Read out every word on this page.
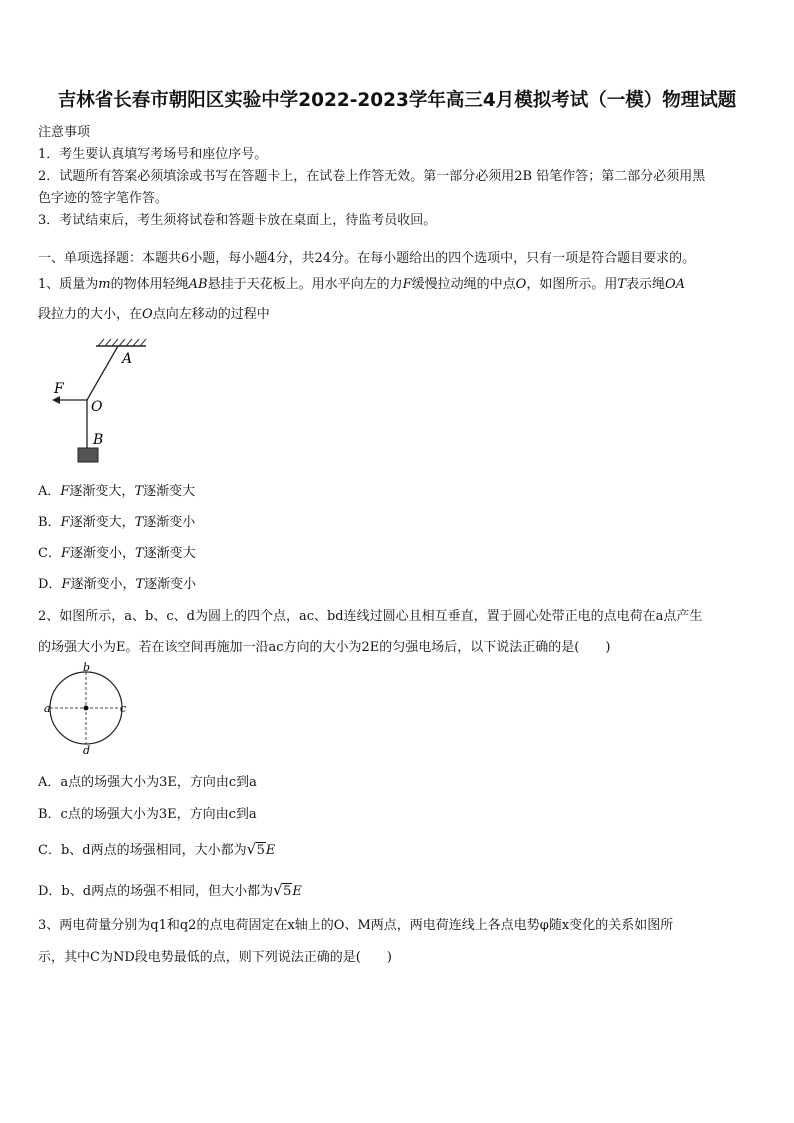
吉林省长春市朝阳区实验中学2022-2023学年高三4月模拟考试（一模）物理试题
注意事项
1．考生要认真填写考场号和座位序号。
2．试题所有答案必须填涂或书写在答题卡上，在试卷上作答无效。第一部分必须用2B 铅笔作答；第二部分必须用黑
色字迹的签字笔作答。
3．考试结束后，考生须将试卷和答题卡放在桌面上，待监考员收回。
一、单项选择题：本题共6小题，每小题4分，共24分。在每小题给出的四个选项中，只有一项是符合题目要求的。
1、质量为m的物体用轻绳AB悬挂于天花板上。用水平向左的力F缓慢拉动绳的中点O，如图所示。用T表示绳OA
段拉力的大小，在O点向左移动的过程中
A
F
O
B
A．F逐渐变大，T逐渐变大
B．F逐渐变大，T逐渐变小
C．F逐渐变小，T逐渐变大
D．F逐渐变小，T逐渐变小
2、如图所示，a、b、c、d为圆上的四个点，ac、bd连线过圆心且相互垂直，置于圆心处带正电的点电荷在a点产生
的场强大小为E。若在该空间再施加一沿ac方向的大小为2E的匀强电场后，以下说法正确的是(　　)
a
b
c
d
A．a点的场强大小为3E，方向由c到a
B．c点的场强大小为3E，方向由c到a
C．b、d两点的场强相同，大小都为 √ 5E
D．b、d两点的场强不相同，但大小都为 √ 5E
3、两电荷量分别为q1和q2的点电荷固定在x轴上的O、M两点，两电荷连线上各点电势φ随x变化的关系如图所
示，其中C为ND段电势最低的点，则下列说法正确的是(　　)
